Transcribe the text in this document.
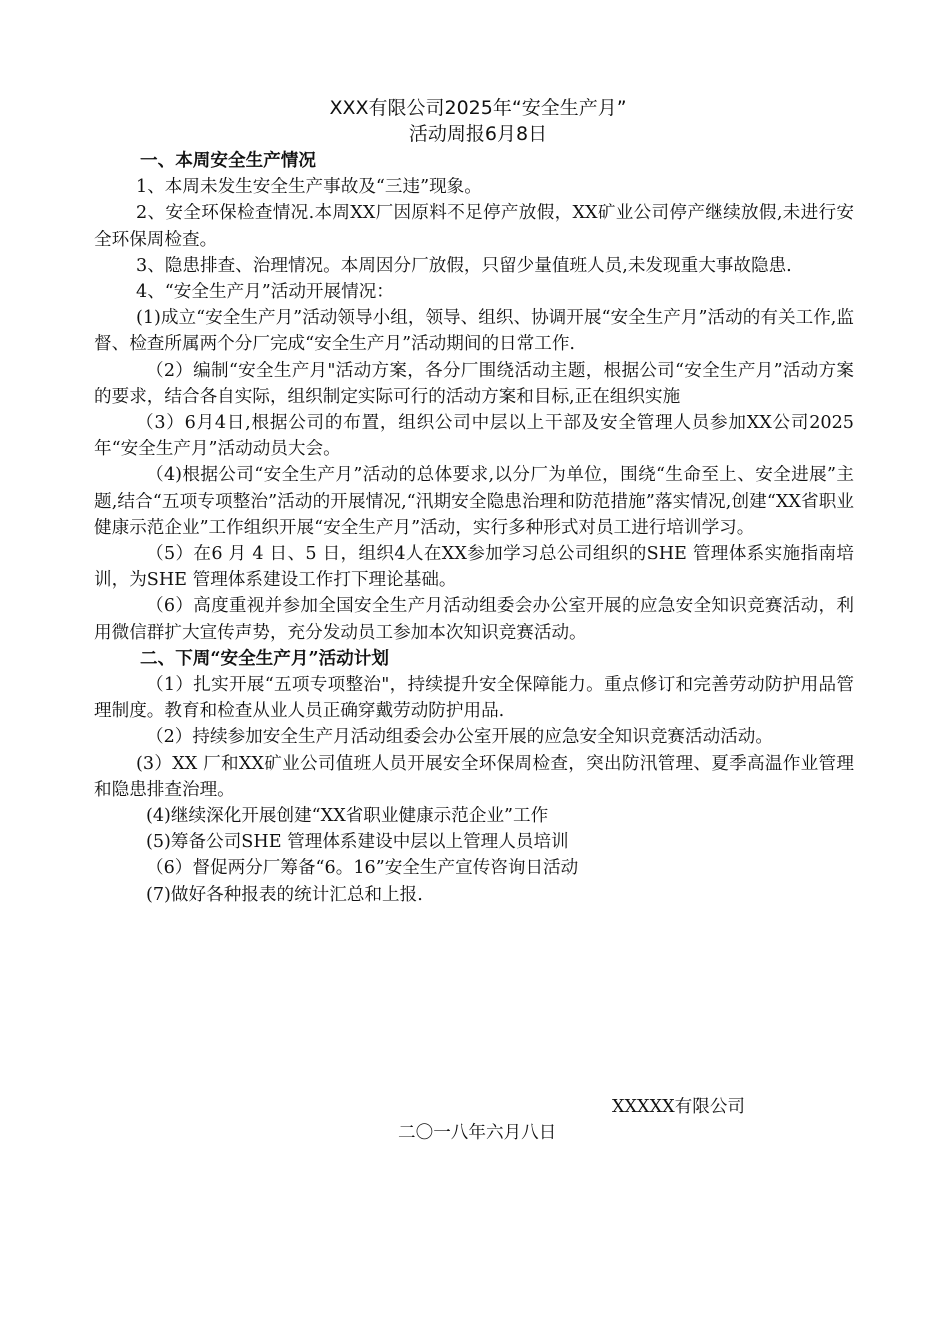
XXX有限公司2025年“安全生产月”
活动周报6月8日
一、本周安全生产情况
1、本周未发生安全生产事故及“三违”现象。
2、安全环保检查情况.本周XX厂因原料不足停产放假，XX矿业公司停产继续放假,未进行安全环保周检查。
3、隐患排查、治理情况。本周因分厂放假，只留少量值班人员,未发现重大事故隐患.
4、“安全生产月”活动开展情况：
(1)成立“安全生产月”活动领导小组，领导、组织、协调开展“安全生产月”活动的有关工作,监督、检查所属两个分厂完成“安全生产月”活动期间的日常工作.
（2）编制“安全生产月"活动方案，各分厂围绕活动主题，根据公司“安全生产月”活动方案的要求，结合各自实际，组织制定实际可行的活动方案和目标,正在组织实施
（3）6月4日,根据公司的布置，组织公司中层以上干部及安全管理人员参加XX公司2025年“安全生产月”活动动员大会。
（4)根据公司“安全生产月”活动的总体要求,以分厂为单位，围绕“生命至上、安全进展”主题,结合“五项专项整治”活动的开展情况,“汛期安全隐患治理和防范措施”落实情况,创建“XX省职业健康示范企业”工作组织开展“安全生产月”活动，实行多种形式对员工进行培训学习。
（5）在6 月 4 日、5 日，组织4人在XX参加学习总公司组织的SHE 管理体系实施指南培训，为SHE 管理体系建设工作打下理论基础。
（6）高度重视并参加全国安全生产月活动组委会办公室开展的应急安全知识竞赛活动，利用微信群扩大宣传声势，充分发动员工参加本次知识竞赛活动。
二、下周“安全生产月”活动计划
（1）扎实开展“五项专项整治"，持续提升安全保障能力。重点修订和完善劳动防护用品管理制度。教育和检查从业人员正确穿戴劳动防护用品.
（2）持续参加安全生产月活动组委会办公室开展的应急安全知识竞赛活动活动。
(3）XX 厂和XX矿业公司值班人员开展安全环保周检查，突出防汛管理、夏季高温作业管理和隐患排查治理。
(4)继续深化开展创建“XX省职业健康示范企业”工作
(5)筹备公司SHE 管理体系建设中层以上管理人员培训
（6）督促两分厂筹备“6。16”安全生产宣传咨询日活动
(7)做好各种报表的统计汇总和上报.
XXXXX有限公司
二〇一八年六月八日
